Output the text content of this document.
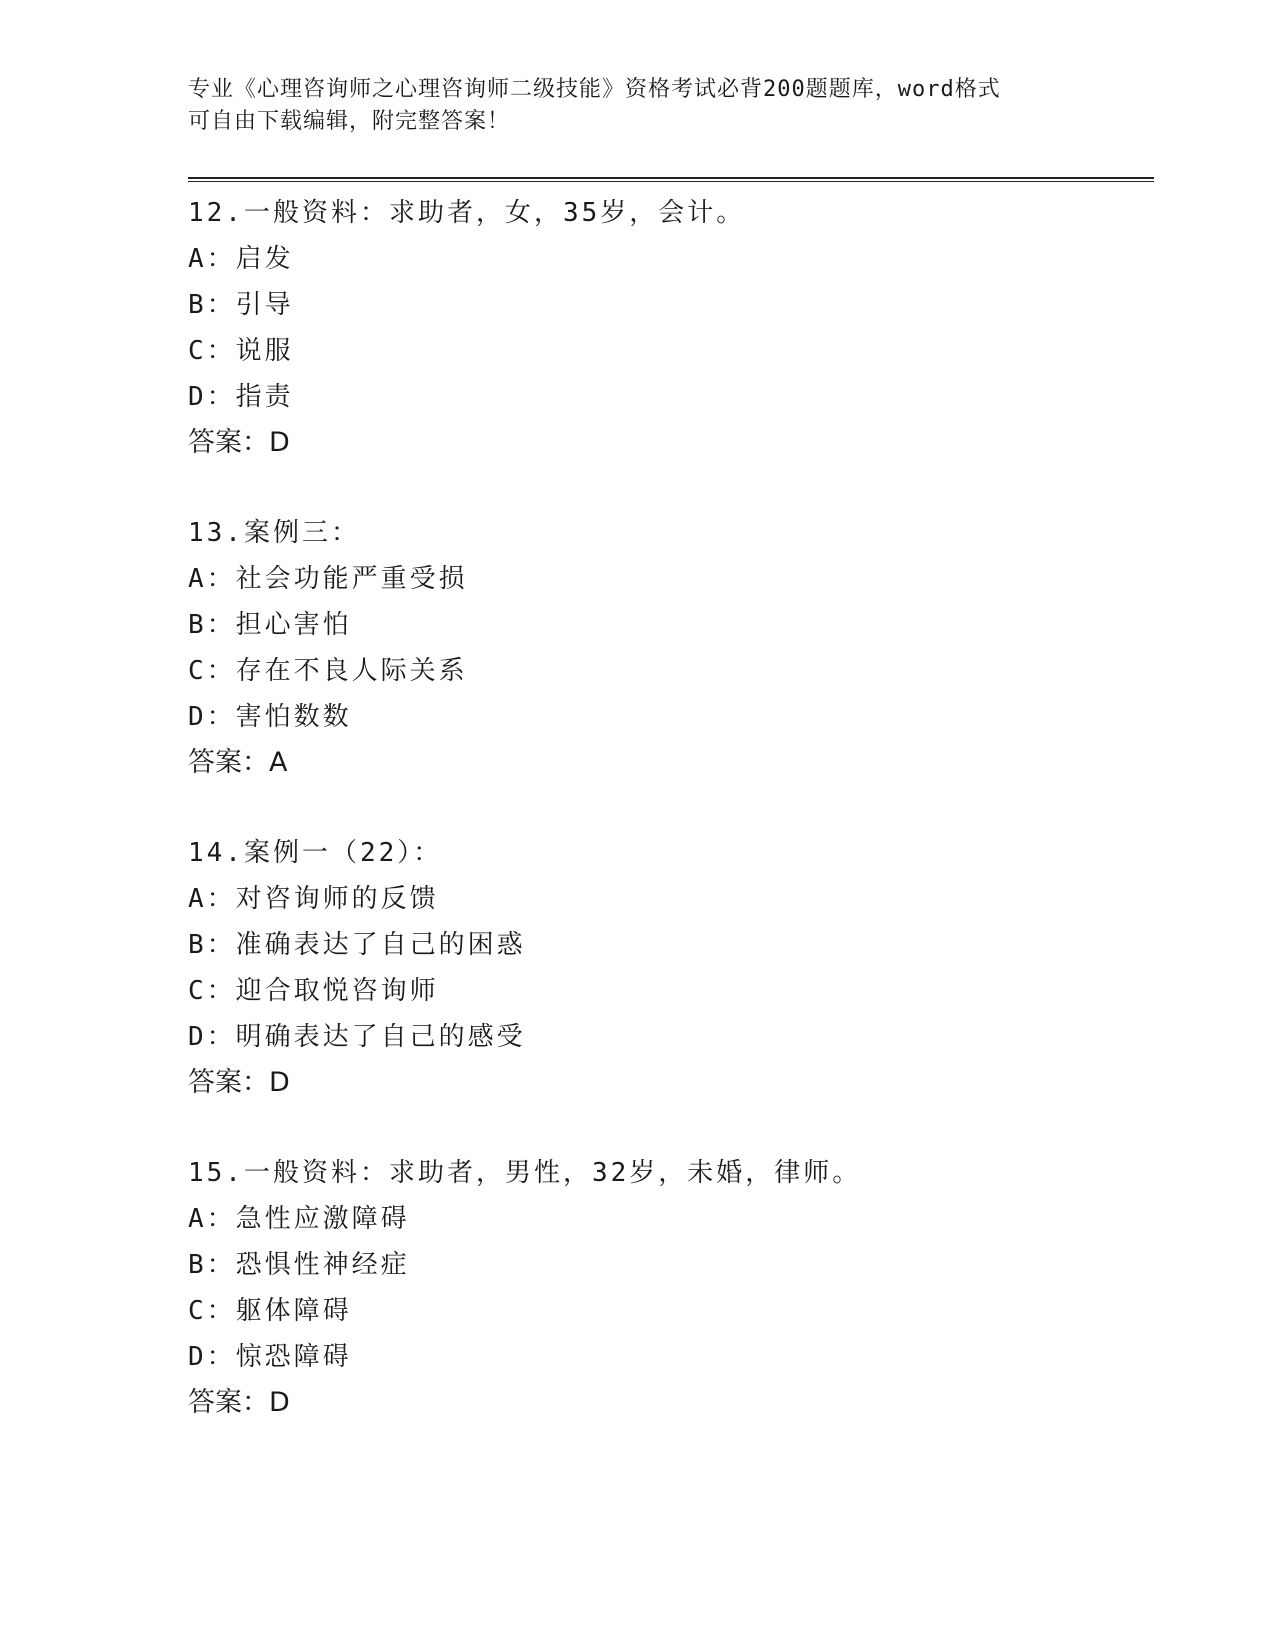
专业《心理咨询师之心理咨询师二级技能》资格考试必背200题题库，word格式
可自由下载编辑，附完整答案！
12.一般资料：求助者，女，35岁，会计。
A：启发
B：引导
C：说服
D：指责
答案：D
13.案例三：
A：社会功能严重受损
B：担心害怕
C：存在不良人际关系
D：害怕数数
答案：A
14.案例一（22）：
A：对咨询师的反馈
B：准确表达了自己的困惑
C：迎合取悦咨询师
D：明确表达了自己的感受
答案：D
15.一般资料：求助者，男性，32岁，未婚，律师。
A：急性应激障碍
B：恐惧性神经症
C：躯体障碍
D：惊恐障碍
答案：D
